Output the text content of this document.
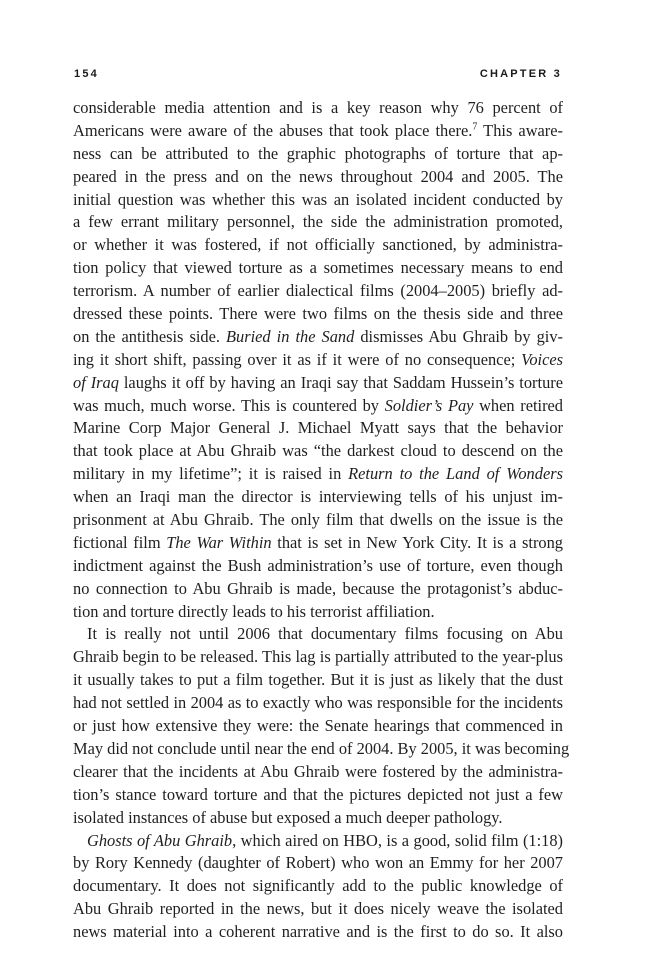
154	CHAPTER 3
considerable media attention and is a key reason why 76 percent of
Americans were aware of the abuses that took place there.$^7$ This aware-
ness can be attributed to the graphic photographs of torture that ap-
peared in the press and on the news throughout 2004 and 2005. The
initial question was whether this was an isolated incident conducted by
a few errant military personnel, the side the administration promoted,
or whether it was fostered, if not officially sanctioned, by administra-
tion policy that viewed torture as a sometimes necessary means to end
terrorism. A number of earlier dialectical films (2004–2005) briefly ad-
dressed these points. There were two films on the thesis side and three
on the antithesis side. Buried in the Sand dismisses Abu Ghraib by giv-
ing it short shift, passing over it as if it were of no consequence; Voices
of Iraq laughs it off by having an Iraqi say that Saddam Hussein’s torture
was much, much worse. This is countered by Soldier’s Pay when retired
Marine Corp Major General J. Michael Myatt says that the behavior
that took place at Abu Ghraib was “the darkest cloud to descend on the
military in my lifetime”; it is raised in Return to the Land of Wonders
when an Iraqi man the director is interviewing tells of his unjust im-
prisonment at Abu Ghraib. The only film that dwells on the issue is the
fictional film The War Within that is set in New York City. It is a strong
indictment against the Bush administration’s use of torture, even though
no connection to Abu Ghraib is made, because the protagonist’s abduc-
tion and torture directly leads to his terrorist affiliation.
It is really not until 2006 that documentary films focusing on Abu
Ghraib begin to be released. This lag is partially attributed to the year-plus
it usually takes to put a film together. But it is just as likely that the dust
had not settled in 2004 as to exactly who was responsible for the incidents
or just how extensive they were: the Senate hearings that commenced in
May did not conclude until near the end of 2004. By 2005, it was becoming
clearer that the incidents at Abu Ghraib were fostered by the administra-
tion’s stance toward torture and that the pictures depicted not just a few
isolated instances of abuse but exposed a much deeper pathology.
Ghosts of Abu Ghraib, which aired on HBO, is a good, solid film (1:18)
by Rory Kennedy (daughter of Robert) who won an Emmy for her 2007
documentary. It does not significantly add to the public knowledge of
Abu Ghraib reported in the news, but it does nicely weave the isolated
news material into a coherent narrative and is the first to do so. It also
